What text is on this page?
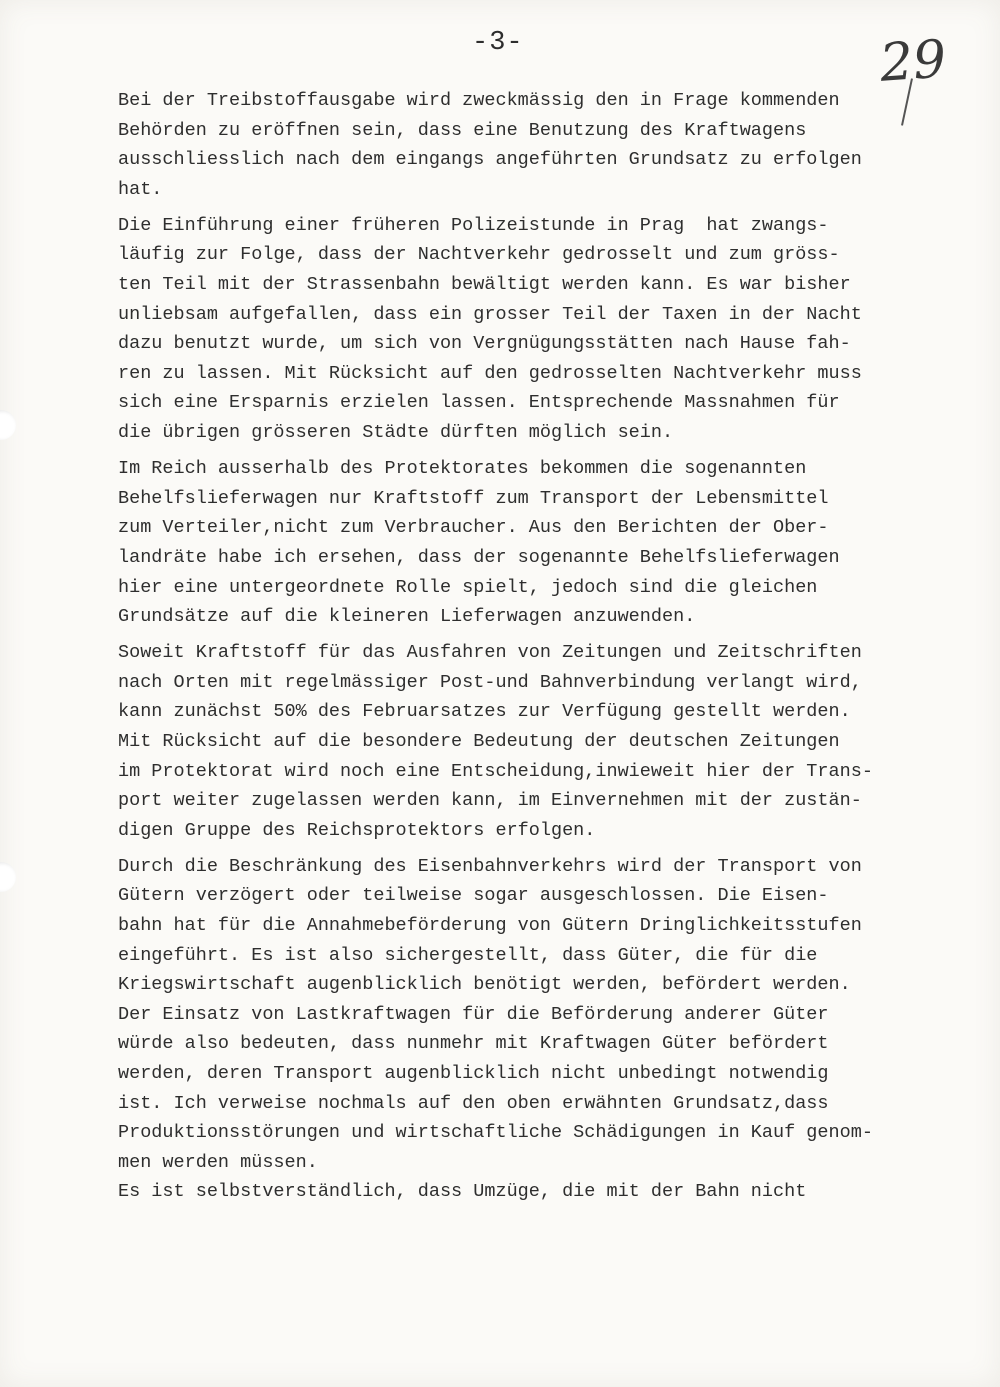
-3-	29
Bei der Treibstoffausgabe wird zweckmässig den in Frage kommenden
Behörden zu eröffnen sein, dass eine Benutzung des Kraftwagens
ausschliesslich nach dem eingangs angeführten Grundsatz zu erfolgen
hat.
Die Einführung einer früheren Polizeistunde in Prag  hat zwangs-
läufig zur Folge, dass der Nachtverkehr gedrosselt und zum gröss-
ten Teil mit der Strassenbahn bewältigt werden kann. Es war bisher
unliebsam aufgefallen, dass ein grosser Teil der Taxen in der Nacht
dazu benutzt wurde, um sich von Vergnügungsstätten nach Hause fah-
ren zu lassen. Mit Rücksicht auf den gedrosselten Nachtverkehr muss
sich eine Ersparnis erzielen lassen. Entsprechende Massnahmen für
die übrigen grösseren Städte dürften möglich sein.
Im Reich ausserhalb des Protektorates bekommen die sogenannten
Behelfslieferwagen nur Kraftstoff zum Transport der Lebensmittel
zum Verteiler,nicht zum Verbraucher. Aus den Berichten der Ober-
landräte habe ich ersehen, dass der sogenannte Behelfslieferwagen
hier eine untergeordnete Rolle spielt, jedoch sind die gleichen
Grundsätze auf die kleineren Lieferwagen anzuwenden.
Soweit Kraftstoff für das Ausfahren von Zeitungen und Zeitschriften
nach Orten mit regelmässiger Post-und Bahnverbindung verlangt wird,
kann zunächst 50% des Februarsatzes zur Verfügung gestellt werden.
Mit Rücksicht auf die besondere Bedeutung der deutschen Zeitungen
im Protektorat wird noch eine Entscheidung,inwieweit hier der Trans-
port weiter zugelassen werden kann, im Einvernehmen mit der zustän-
digen Gruppe des Reichsprotektors erfolgen.
Durch die Beschränkung des Eisenbahnverkehrs wird der Transport von
Gütern verzögert oder teilweise sogar ausgeschlossen. Die Eisen-
bahn hat für die Annahmebeförderung von Gütern Dringlichkeitsstufen
eingeführt. Es ist also sichergestellt, dass Güter, die für die
Kriegswirtschaft augenblicklich benötigt werden, befördert werden.
Der Einsatz von Lastkraftwagen für die Beförderung anderer Güter
würde also bedeuten, dass nunmehr mit Kraftwagen Güter befördert
werden, deren Transport augenblicklich nicht unbedingt notwendig
ist. Ich verweise nochmals auf den oben erwähnten Grundsatz,dass
Produktionsstörungen und wirtschaftliche Schädigungen in Kauf genom-
men werden müssen.
Es ist selbstverständlich, dass Umzüge, die mit der Bahn nicht
